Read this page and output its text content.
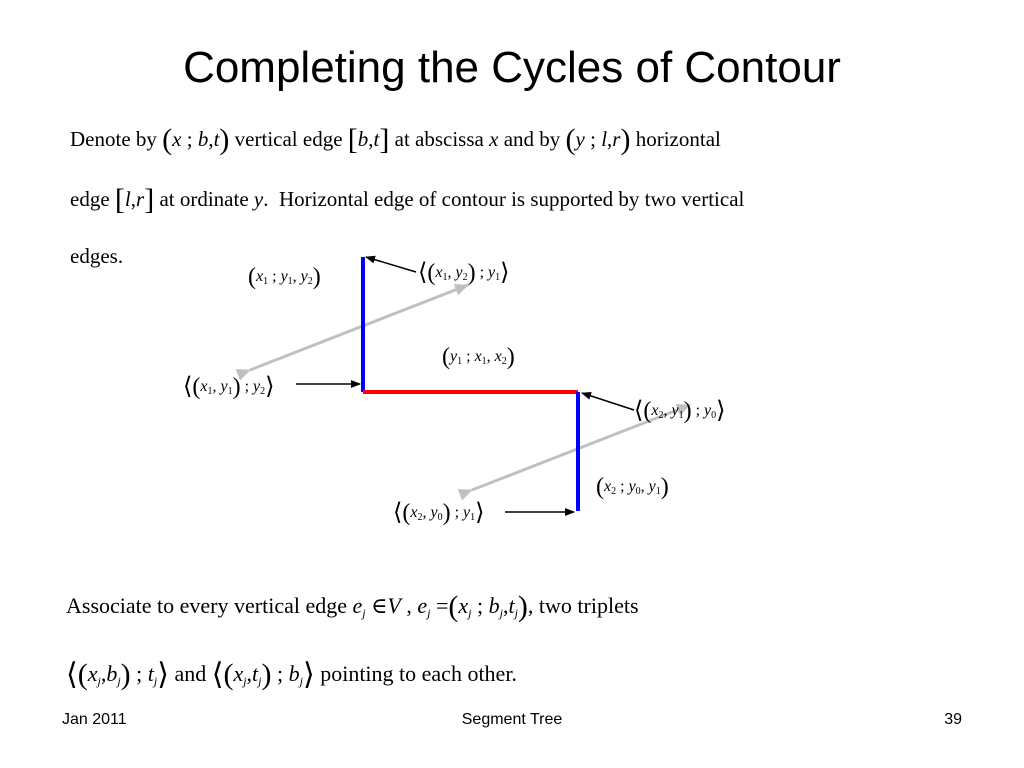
Completing the Cycles of Contour
Denote by (x ; b,t) vertical edge [b,t] at abscissa x and by (y ; l,r) horizontal
edge [l,r] at ordinate y.  Horizontal edge of contour is supported by two vertical
edges.
($x_1$ ; $y_1$, $y_2$)	$⟨(x_1$, $y_2$) ; $y_1⟩$
($y_1$ ; $x_1$, $x_2$)
$⟨(x_1$, $y_1$) ; $y_2⟩$
$⟨(x_2$, $y_1$) ; $y_0⟩$
($x_2$ ; $y_0$, $y_1$)
$⟨(x_2$, $y_0$) ; $y_1⟩$
Associate to every vertical edge $e_j$ ∈V , $e_j =(x_j$ ; $b_j,t_j$), two triplets
$⟨(x_j,b_j)$ ; $t_j⟩$ and $⟨(x_j,t_j)$ ; $b_j⟩$ pointing to each other.
Jan 2011	Segment Tree	39
